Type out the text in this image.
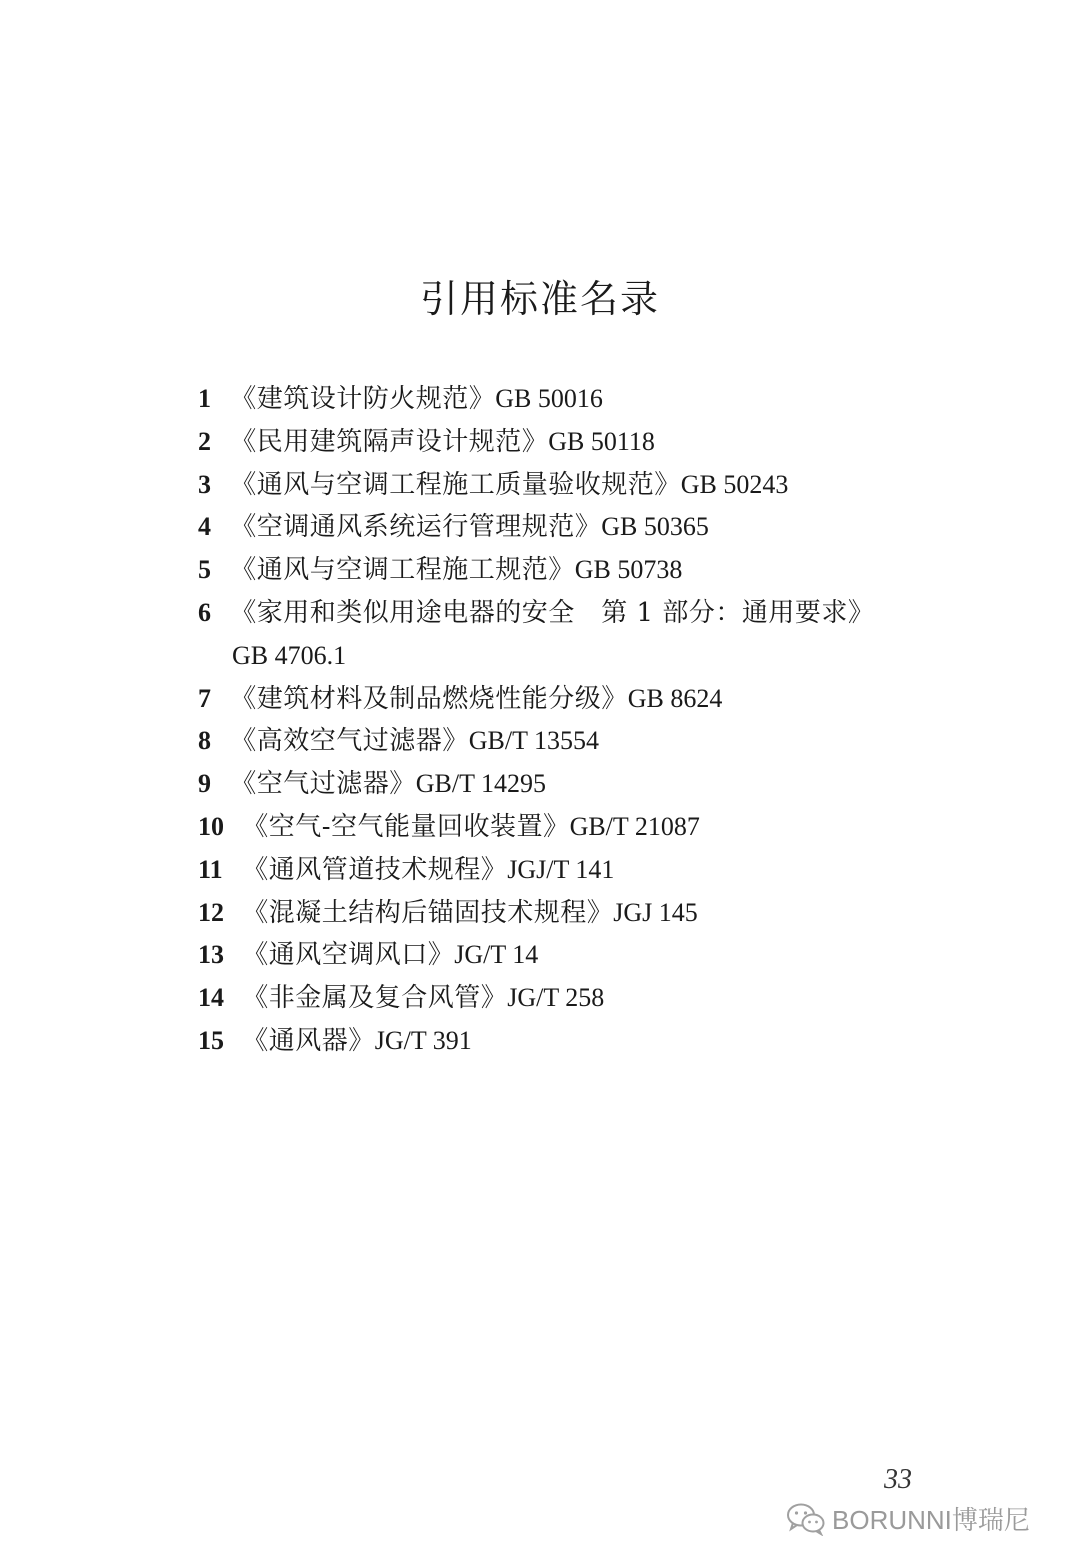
引用标准名录
1 《建筑设计防火规范》GB 50016
2 《民用建筑隔声设计规范》GB 50118
3 《通风与空调工程施工质量验收规范》GB 50243
4 《空调通风系统运行管理规范》GB 50365
5 《通风与空调工程施工规范》GB 50738
6 《家用和类似用途电器的安全　第 1 部分：通用要求》
GB 4706.1
7 《建筑材料及制品燃烧性能分级》GB 8624
8 《高效空气过滤器》GB/T 13554
9 《空气过滤器》GB/T 14295
10 《空气-空气能量回收装置》GB/T 21087
11 《通风管道技术规程》JGJ/T 141
12 《混凝土结构后锚固技术规程》JGJ 145
13 《通风空调风口》JG/T 14
14 《非金属及复合风管》JG/T 258
15 《通风器》JG/T 391
33
BORUNNI博瑞尼
